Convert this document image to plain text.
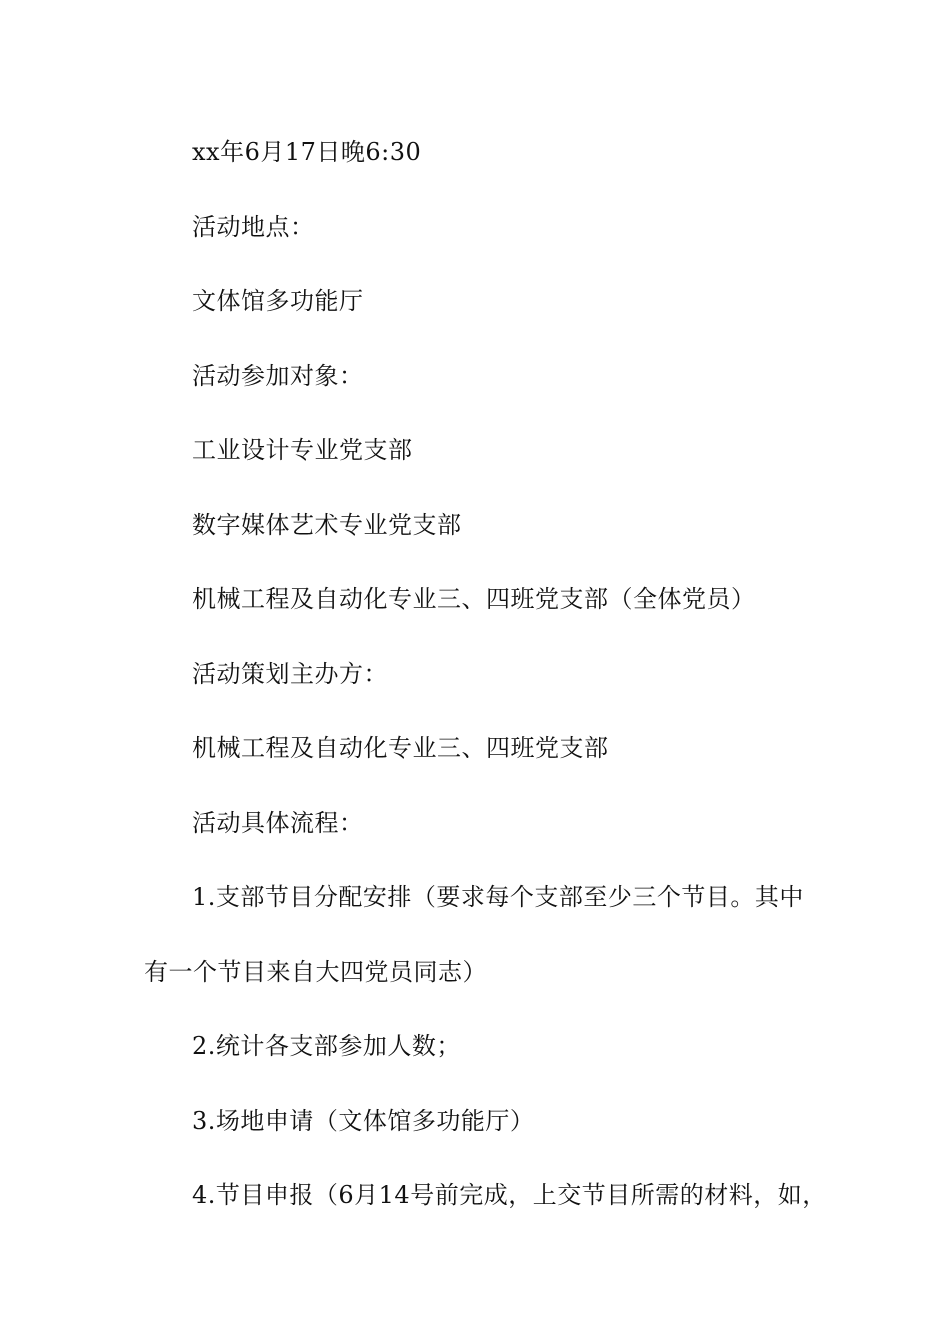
xx年6月17日晚6:30
活动地点：
文体馆多功能厅
活动参加对象：
工业设计专业党支部
数字媒体艺术专业党支部
机械工程及自动化专业三、四班党支部（全体党员）
活动策划主办方：
机械工程及自动化专业三、四班党支部
活动具体流程：
1.支部节目分配安排（要求每个支部至少三个节目。其中
有一个节目来自大四党员同志）
2.统计各支部参加人数；
3.场地申请（文体馆多功能厅）
4.节目申报（6月14号前完成，上交节目所需的材料，如，
